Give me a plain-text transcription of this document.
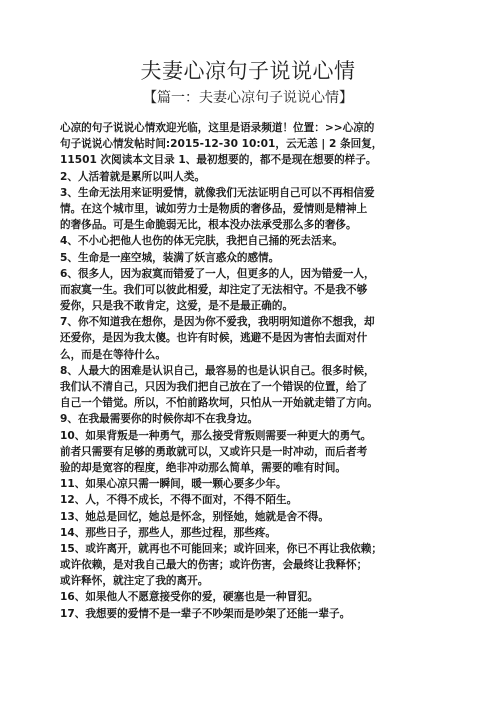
夫妻心凉句子说说心情
【篇一：夫妻心凉句子说说心情】
心凉的句子说说心情欢迎光临，这里是语录频道！位置：>>心凉的
句子说说心情发帖时间:2015-12-30 10:01，云无恙 | 2 条回复，
11501 次阅读本文目录 1、最初想要的，都不是现在想要的样子。
2、人活着就是累所以叫人类。
3、生命无法用来证明爱情，就像我们无法证明自己可以不再相信爱
情。在这个城市里，诚如劳力士是物质的奢侈品，爱情则是精神上
的奢侈品。可是生命脆弱无比，根本没办法承受那么多的奢侈。
4、不小心把他人也伤的体无完肤，我把自己捅的死去活来。
5、生命是一座空城，装满了妖言惑众的感情。
6、很多人，因为寂寞而错爱了一人，但更多的人，因为错爱一人，
而寂寞一生。我们可以彼此相爱，却注定了无法相守。不是我不够
爱你，只是我不敢肯定，这爱，是不是最正确的。
7、你不知道我在想你，是因为你不爱我，我明明知道你不想我，却
还爱你，是因为我太傻。也许有时候，逃避不是因为害怕去面对什
么，而是在等待什么。
8、人最大的困难是认识自己，最容易的也是认识自己。很多时候，
我们认不清自己，只因为我们把自己放在了一个错误的位置，给了
自己一个错觉。所以，不怕前路坎坷，只怕从一开始就走错了方向。
9、在我最需要你的时候你却不在我身边。
10、如果背叛是一种勇气，那么接受背叛则需要一种更大的勇气。
前者只需要有足够的勇敢就可以，又或许只是一时冲动，而后者考
验的却是宽容的程度，绝非冲动那么简单，需要的唯有时间。
11、如果心凉只需一瞬间，暖一颗心要多少年。
12、人，不得不成长，不得不面对，不得不陌生。
13、她总是回忆，她总是怀念，别怪她，她就是舍不得。
14、那些日子，那些人，那些过程，那些疼。
15、或许离开，就再也不可能回来；或许回来，你已不再让我依赖；
或许依赖，是对我自己最大的伤害；或许伤害，会最终让我释怀；
或许释怀，就注定了我的离开。
16、如果他人不愿意接受你的爱，硬塞也是一种冒犯。
17、我想要的爱情不是一辈子不吵架而是吵架了还能一辈子。
